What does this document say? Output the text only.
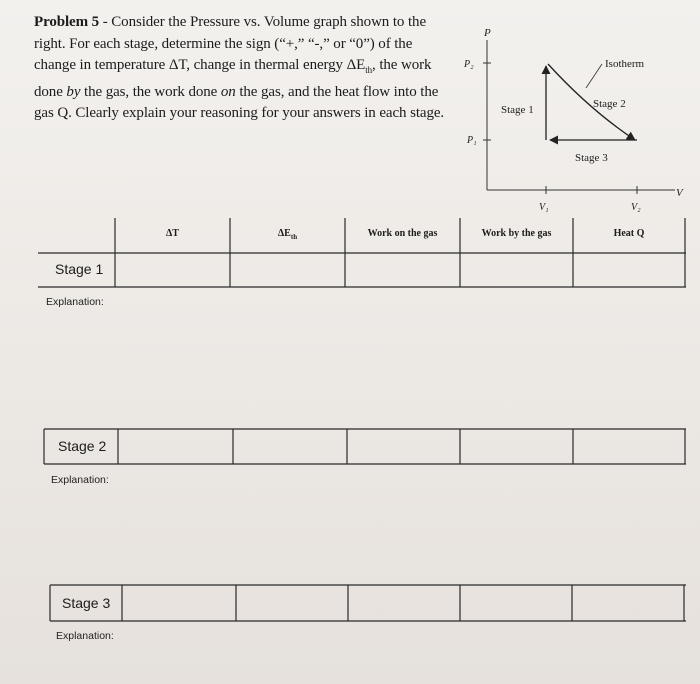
Problem 5 - Consider the Pressure vs. Volume graph shown to the right. For each stage, determine the sign (“+,” “-,” or “0”) of the change in temperature ΔT, change in thermal energy $\Delta E_{th}$, the work done by the gas, the work done on the gas, and the heat flow into the gas Q. Clearly explain your reasoning for your answers in each stage.
P
V
P₂
P₁
V₁	V₂
Isotherm
Stage 1	Stage 2
Stage 3
ΔT	$\Delta E_{th}$	Work on the gas	Work by the gas	Heat Q
Stage 1
Explanation:
Stage 2
Explanation:
Stage 3
Explanation:
